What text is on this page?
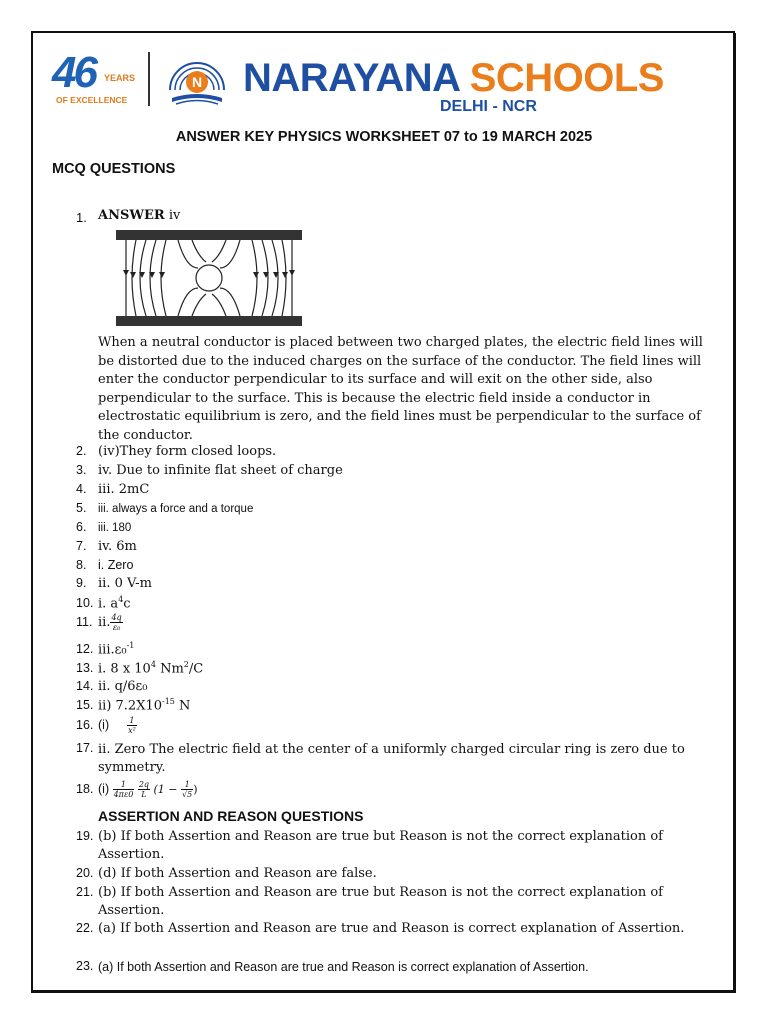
46 YEARS
OF EXCELLENCE
N NARAYANA SCHOOLS
DELHI - NCR
ANSWER KEY PHYSICS WORKSHEET 07 to 19 MARCH 2025
MCQ QUESTIONS
1. ANSWER iv
When a neutral conductor is placed between two charged plates, the electric field lines will be distorted due to the induced charges on the surface of the conductor. The field lines will enter the conductor perpendicular to its surface and will exit on the other side, also perpendicular to the surface. This is because the electric field inside a conductor in electrostatic equilibrium is zero, and the field lines must be perpendicular to the surface of the conductor.
2. (iv)They form closed loops.
3. iv. Due to infinite flat sheet of charge
4. iii. 2mC
5. iii. always a force and a torque
6. iii. 180
7. iv. 6m
8. i. Zero
9. ii. 0 V-m
10. i. $a^4c$
11. ii. $\frac{4q}{\text{ε₀}}$
12. iii.ε₀$^{-1}$
13. i. 8 x $10^4$ Nm$^2$/C
14. ii. q/6ε₀
15. ii) $7.2X10^{-15}$ N
16. $(i) \frac{1}{\text{x²}}$
17. ii. Zero The electric field at the center of a uniformly charged circular ring is zero due to symmetry.
18. $(i) \frac{1}{4\pi\varepsilon 0}$
$\frac{2q}{L} (1 - \frac{1}{√5}$ )
ASSERTION AND REASON QUESTIONS
19. (b) If both Assertion and Reason are true but Reason is not the correct explanation of Assertion.
20. (d) If both Assertion and Reason are false.
21. (b) If both Assertion and Reason are true but Reason is not the correct explanation of Assertion.
22. (a) If both Assertion and Reason are true and Reason is correct explanation of Assertion.
23. (a) If both Assertion and Reason are true and Reason is correct explanation of Assertion.
